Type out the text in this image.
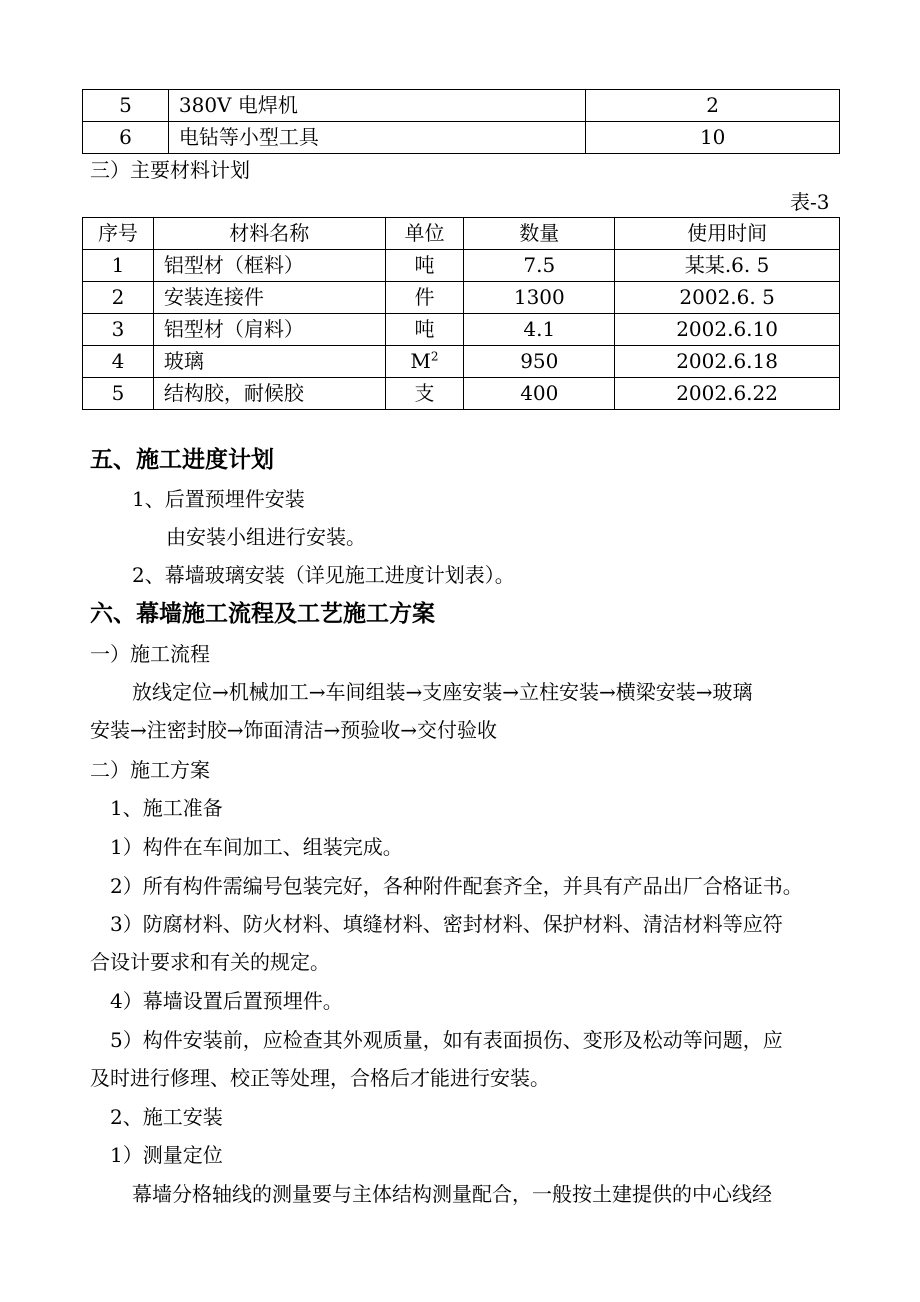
5	380V 电焊机	2
6	电钻等小型工具	10
三）主要材料计划
表-3
序号	材料名称	单位	数量	使用时间
1	铝型材（框料）	吨	7.5	某某.6. 5
2	安装连接件	件	1300	2002.6. 5
3	铝型材（肩料）	吨	4.1	2002.6.10
4	玻璃	$M^2$	950	2002.6.18
5	结构胶，耐候胶	支	400	2002.6.22
五、施工进度计划
1、后置预埋件安装
由安装小组进行安装。
2、幕墙玻璃安装（详见施工进度计划表）。
六、幕墙施工流程及工艺施工方案
一）施工流程
放线定位→机械加工→车间组装→支座安装→立柱安装→横梁安装→玻璃
安装→注密封胶→饰面清洁→预验收→交付验收
二）施工方案
1、施工准备
1）构件在车间加工、组装完成。
2）所有构件需编号包装完好，各种附件配套齐全，并具有产品出厂合格证书。
3）防腐材料、防火材料、填缝材料、密封材料、保护材料、清洁材料等应符
合设计要求和有关的规定。
4）幕墙设置后置预埋件。
5）构件安装前，应检查其外观质量，如有表面损伤、变形及松动等问题，应
及时进行修理、校正等处理，合格后才能进行安装。
2、施工安装
1）测量定位
幕墙分格轴线的测量要与主体结构测量配合，一般按土建提供的中心线经
